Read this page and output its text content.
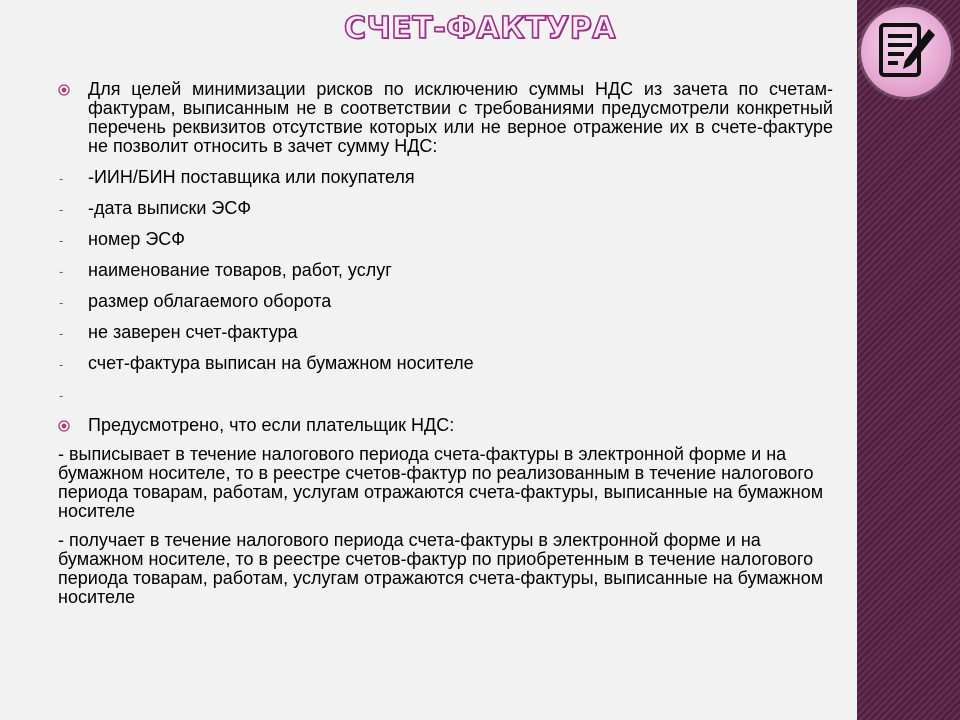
СЧЕТ-ФАКТУРА
Для целей минимизации рисков по исключению суммы НДС из зачета по счетам-фактурам, выписанным не в соответствии с требованиями предусмотрели конкретный перечень реквизитов отсутствие которых или не верное отражение их в счете-фактуре не позволит относить в зачет сумму НДС:
- -ИИН/БИН поставщика или покупателя
- -дата выписки ЭСФ
- номер ЭСФ
- наименование товаров, работ, услуг
- размер облагаемого оборота
- не заверен счет-фактура
- счет-фактура выписан на бумажном носителе
-
Предусмотрено, что если плательщик НДС:
- выписывает в течение налогового периода счета-фактуры в электронной форме и на бумажном носителе, то в реестре счетов-фактур по реализованным в течение налогового периода товарам, работам, услугам отражаются счета-фактуры, выписанные на бумажном носителе
- получает в течение налогового периода счета-фактуры в электронной форме и на бумажном носителе, то в реестре счетов-фактур по приобретенным в течение налогового периода товарам, работам, услугам отражаются счета-фактуры, выписанные на бумажном носителе
